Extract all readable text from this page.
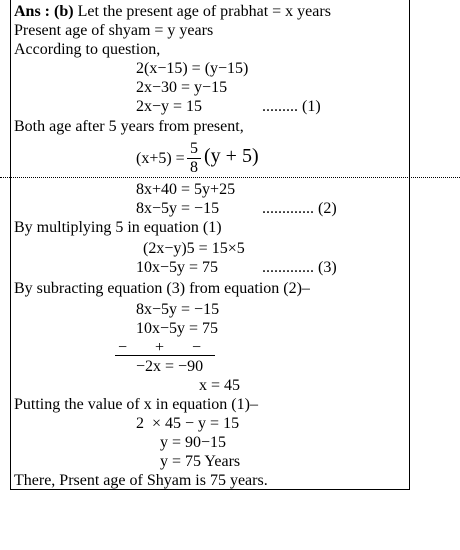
Ans : (b) Let the present age of prabhat = x years
Present age of shyam = y years
According to question,
2(x−15) = (y−15)
2x−30 = y−15
2x−y = 15	......... (1)
Both age after 5 years from present,
(x+5) =
5
8
(y + 5)
8x+40 = 5y+25
8x−5y = −15	............. (2)
By multiplying 5 in equation (1)
(2x−y)5 = 15×5
10x−5y = 75	............. (3)
By subracting equation (3) from equation (2)–
8x−5y = −15
10x−5y = 75
−       +       −
−2x = −90
x = 45
Putting the value of x in equation (1)–
2  × 45 − y = 15
y = 90−15
y = 75 Years
There, Prsent age of Shyam is 75 years.
